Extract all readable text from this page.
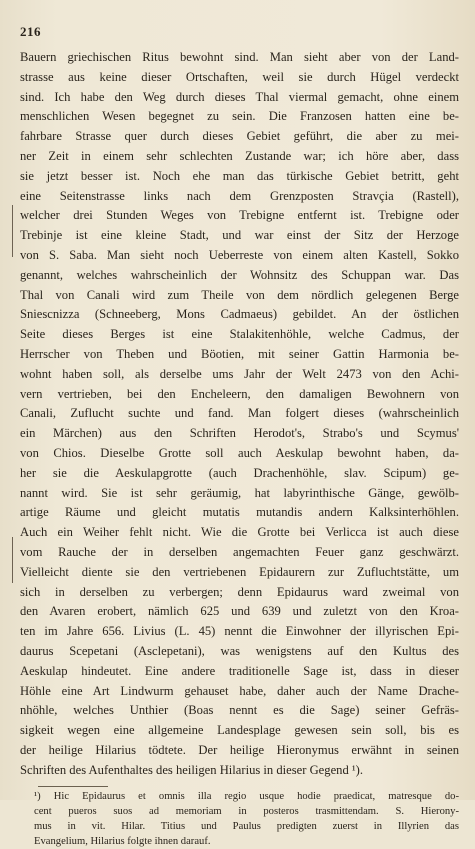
216
Bauern griechischen Ritus bewohnt sind. Man sieht aber von der Land-
strasse aus keine dieser Ortschaften, weil sie durch Hügel verdeckt
sind. Ich habe den Weg durch dieses Thal viermal gemacht, ohne einem
menschlichen Wesen begegnet zu sein. Die Franzosen hatten eine be-
fahrbare Strasse quer durch dieses Gebiet geführt, die aber zu mei-
ner Zeit in einem sehr schlechten Zustande war; ich höre aber, dass
sie jetzt besser ist. Noch ehe man das türkische Gebiet betritt, geht
eine Seitenstrasse links nach dem Grenzposten Stravçia (Rastell),
welcher drei Stunden Weges von Trebigne entfernt ist. Trebigne oder
Trebinje ist eine kleine Stadt, und war einst der Sitz der Herzoge
von S. Saba. Man sieht noch Ueberreste von einem alten Kastell, Sokko
genannt, welches wahrscheinlich der Wohnsitz des Schuppan war. Das
Thal von Canali wird zum Theile von dem nördlich gelegenen Berge
Sniescnizza (Schneeberg, Mons Cadmaeus) gebildet. An der östlichen
Seite dieses Berges ist eine Stalakitenhöhle, welche Cadmus, der
Herrscher von Theben und Böotien, mit seiner Gattin Harmonia be-
wohnt haben soll, als derselbe ums Jahr der Welt 2473 von den Achi-
vern vertrieben, bei den Encheleern, den damaligen Bewohnern von
Canali, Zuflucht suchte und fand. Man folgert dieses (wahrscheinlich
ein Märchen) aus den Schriften Herodot's, Strabo's und Scymus'
von Chios. Dieselbe Grotte soll auch Aeskulap bewohnt haben, da-
her sie die Aeskulapgrotte (auch Drachenhöhle, slav. Scipum) ge-
nannt wird. Sie ist sehr geräumig, hat labyrinthische Gänge, gewölb-
artige Räume und gleicht mutatis mutandis andern Kalksinterhöhlen.
Auch ein Weiher fehlt nicht. Wie die Grotte bei Verlicca ist auch diese
vom Rauche der in derselben angemachten Feuer ganz geschwärzt.
Vielleicht diente sie den vertriebenen Epidaurern zur Zufluchtstätte, um
sich in derselben zu verbergen; denn Epidaurus ward zweimal von
den Avaren erobert, nämlich 625 und 639 und zuletzt von den Kroa-
ten im Jahre 656. Livius (L. 45) nennt die Einwohner der illyrischen Epi-
daurus Scepetani (Asclepetani), was wenigstens auf den Kultus des
Aeskulap hindeutet. Eine andere traditionelle Sage ist, dass in dieser
Höhle eine Art Lindwurm gehauset habe, daher auch der Name Drache-
nhöhle, welches Unthier (Boas nennt es die Sage) seiner Gefräs-
sigkeit wegen eine allgemeine Landesplage gewesen sein soll, bis es
der heilige Hilarius tödtete. Der heilige Hieronymus erwähnt in seinen
Schriften des Aufenthaltes des heiligen Hilarius in dieser Gegend ¹).
¹) Hic Epidaurus et omnis illa regio usque hodie praedicat, matresque do-
cent pueros suos ad memoriam in posteros trasmittendam. S. Hierony-
mus in vit. Hilar. Titius und Paulus predigten zuerst in Illyrien das
Evangelium, Hilarius folgte ihnen darauf.
